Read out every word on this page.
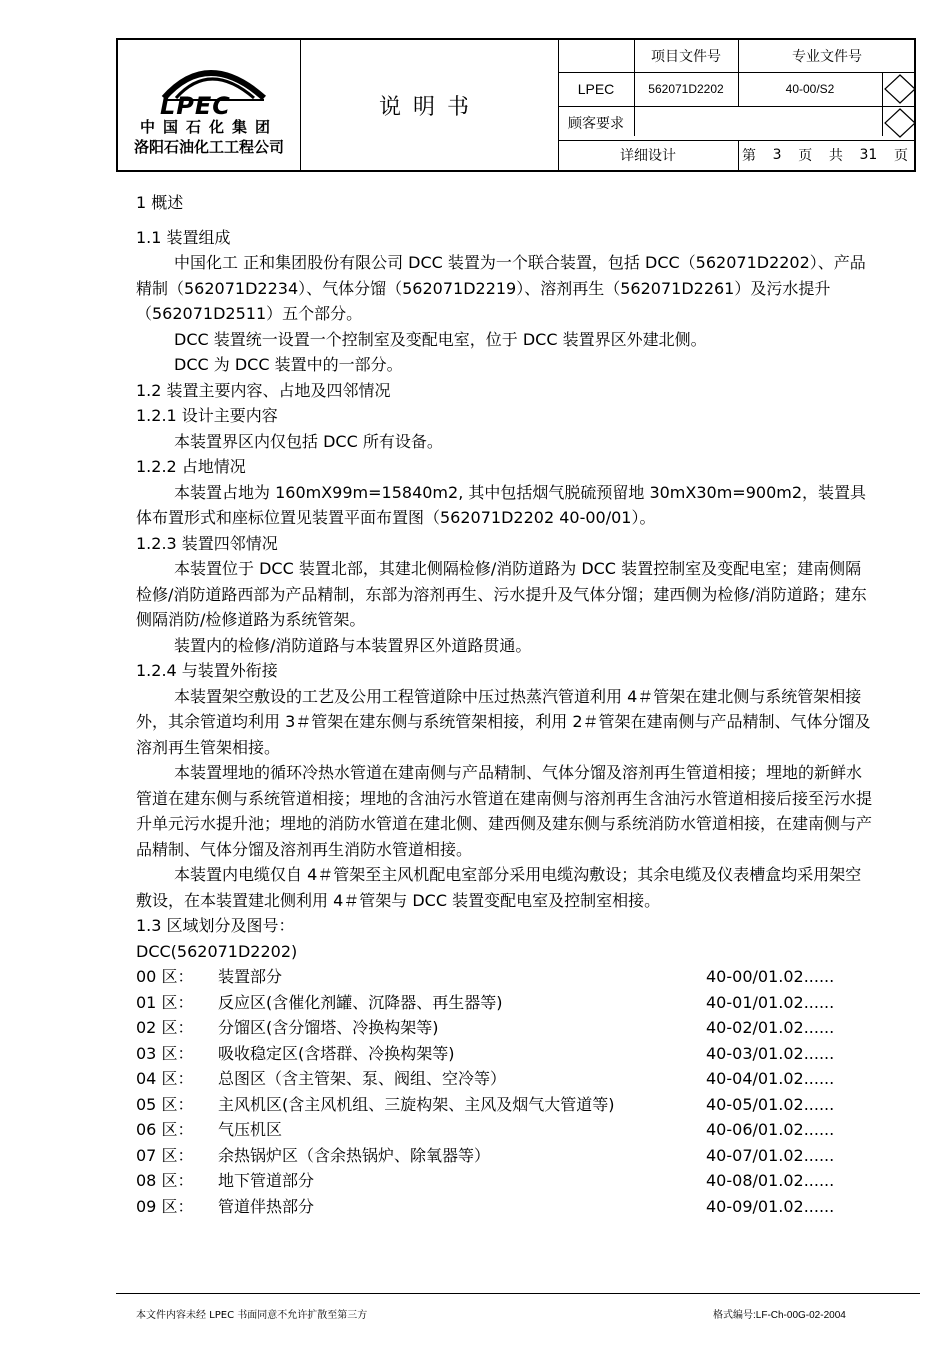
LPEC
中国石化集团
洛阳石油化工工程公司
说明书
项目文件号	专业文件号
LPEC	562071D2202	40-00/S2
顾客要求
详细设计	第 3 页 共 31 页

1 概述

1.1 装置组成

中国化工 正和集团股份有限公司 DCC 装置为一个联合装置，包括 DCC（562071D2202）、产品精制（562071D2234）、气体分馏（562071D2219）、溶剂再生（562071D2261）及污水提升（562071D2511）五个部分。

DCC 装置统一设置一个控制室及变配电室，位于 DCC 装置界区外建北侧。

DCC 为 DCC 装置中的一部分。

1.2 装置主要内容、占地及四邻情况

1.2.1 设计主要内容

本装置界区内仅包括 DCC 所有设备。

1.2.2 占地情况

本装置占地为 160mX99m=15840m2, 其中包括烟气脱硫预留地 30mX30m=900m2，装置具体布置形式和座标位置见装置平面布置图（562071D2202 40-00/01）。

1.2.3 装置四邻情况

本装置位于 DCC 装置北部，其建北侧隔检修/消防道路为 DCC 装置控制室及变配电室；建南侧隔检修/消防道路西部为产品精制，东部为溶剂再生、污水提升及气体分馏；建西侧为检修/消防道路；建东侧隔消防/检修道路为系统管架。

装置内的检修/消防道路与本装置界区外道路贯通。

1.2.4 与装置外衔接

本装置架空敷设的工艺及公用工程管道除中压过热蒸汽管道利用 4＃管架在建北侧与系统管架相接外，其余管道均利用 3＃管架在建东侧与系统管架相接，利用 2＃管架在建南侧与产品精制、气体分馏及溶剂再生管架相接。

本装置埋地的循环冷热水管道在建南侧与产品精制、气体分馏及溶剂再生管道相接；埋地的新鲜水管道在建东侧与系统管道相接；埋地的含油污水管道在建南侧与溶剂再生含油污水管道相接后接至污水提升单元污水提升池；埋地的消防水管道在建北侧、建西侧及建东侧与系统消防水管道相接，在建南侧与产品精制、气体分馏及溶剂再生消防水管道相接。

本装置内电缆仅自 4＃管架至主风机配电室部分采用电缆沟敷设；其余电缆及仪表槽盒均采用架空敷设，在本装置建北侧利用 4＃管架与 DCC 装置变配电室及控制室相接。

1.3 区域划分及图号：

DCC(562071D2202)

00 区：	装置部分	40-00/01.02......
01 区：	反应区(含催化剂罐、沉降器、再生器等)	40-01/01.02......
02 区：	分馏区(含分馏塔、冷换构架等)	40-02/01.02......
03 区：	吸收稳定区(含塔群、冷换构架等)	40-03/01.02......
04 区：	总图区（含主管架、泵、阀组、空冷等）	40-04/01.02......
05 区：	主风机区(含主风机组、三旋构架、主风及烟气大管道等)	40-05/01.02......
06 区：	气压机区	40-06/01.02......
07 区：	余热锅炉区（含余热锅炉、除氧器等）	40-07/01.02......
08 区：	地下管道部分	40-08/01.02......
09 区：	管道伴热部分	40-09/01.02......
本文件内容未经 LPEC 书面同意不允许扩散至第三方	格式编号:LF-Ch-00G-02-2004
